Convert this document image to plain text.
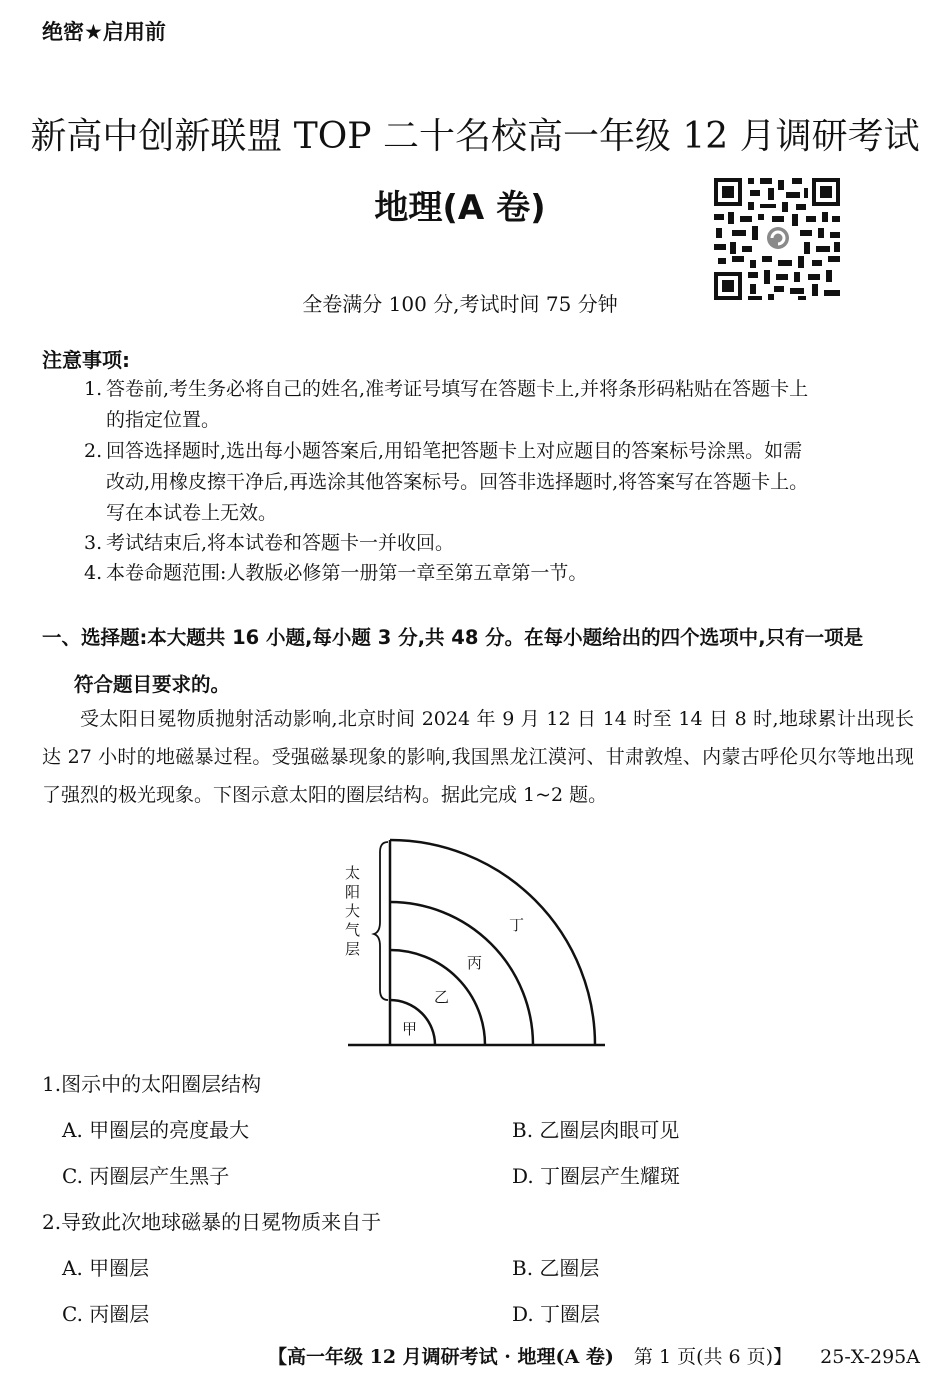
绝密★启用前
新高中创新联盟 TOP 二十名校高一年级 12 月调研考试
地理(A 卷)
全卷满分 100 分,考试时间 75 分钟
注意事项:
1. 答卷前,考生务必将自己的姓名,准考证号填写在答题卡上,并将条形码粘贴在答题卡上
的指定位置。
2. 回答选择题时,选出每小题答案后,用铅笔把答题卡上对应题目的答案标号涂黑。如需
改动,用橡皮擦干净后,再选涂其他答案标号。回答非选择题时,将答案写在答题卡上。
写在本试卷上无效。
3. 考试结束后,将本试卷和答题卡一并收回。
4. 本卷命题范围:人教版必修第一册第一章至第五章第一节。
一、选择题:本大题共 16 小题,每小题 3 分,共 48 分。在每小题给出的四个选项中,只有一项是
符合题目要求的。
受太阳日冕物质抛射活动影响,北京时间 2024 年 9 月 12 日 14 时至 14 日 8 时,地球累计出现长达 27 小时的地磁暴过程。受强磁暴现象的影响,我国黑龙江漠河、甘肃敦煌、内蒙古呼伦贝尔等地出现了强烈的极光现象。下图示意太阳的圈层结构。据此完成 1~2 题。
太
阳
大
气
层
甲
乙
丙
丁
1.图示中的太阳圈层结构
A. 甲圈层的亮度最大	B. 乙圈层肉眼可见
C. 丙圈层产生黑子	D. 丁圈层产生耀斑
2.导致此次地球磁暴的日冕物质来自于
A. 甲圈层	B. 乙圈层
C. 丙圈层	D. 丁圈层
【高一年级 12 月调研考试 · 地理(A 卷) 第 1 页(共 6 页)】 25-X-295A
